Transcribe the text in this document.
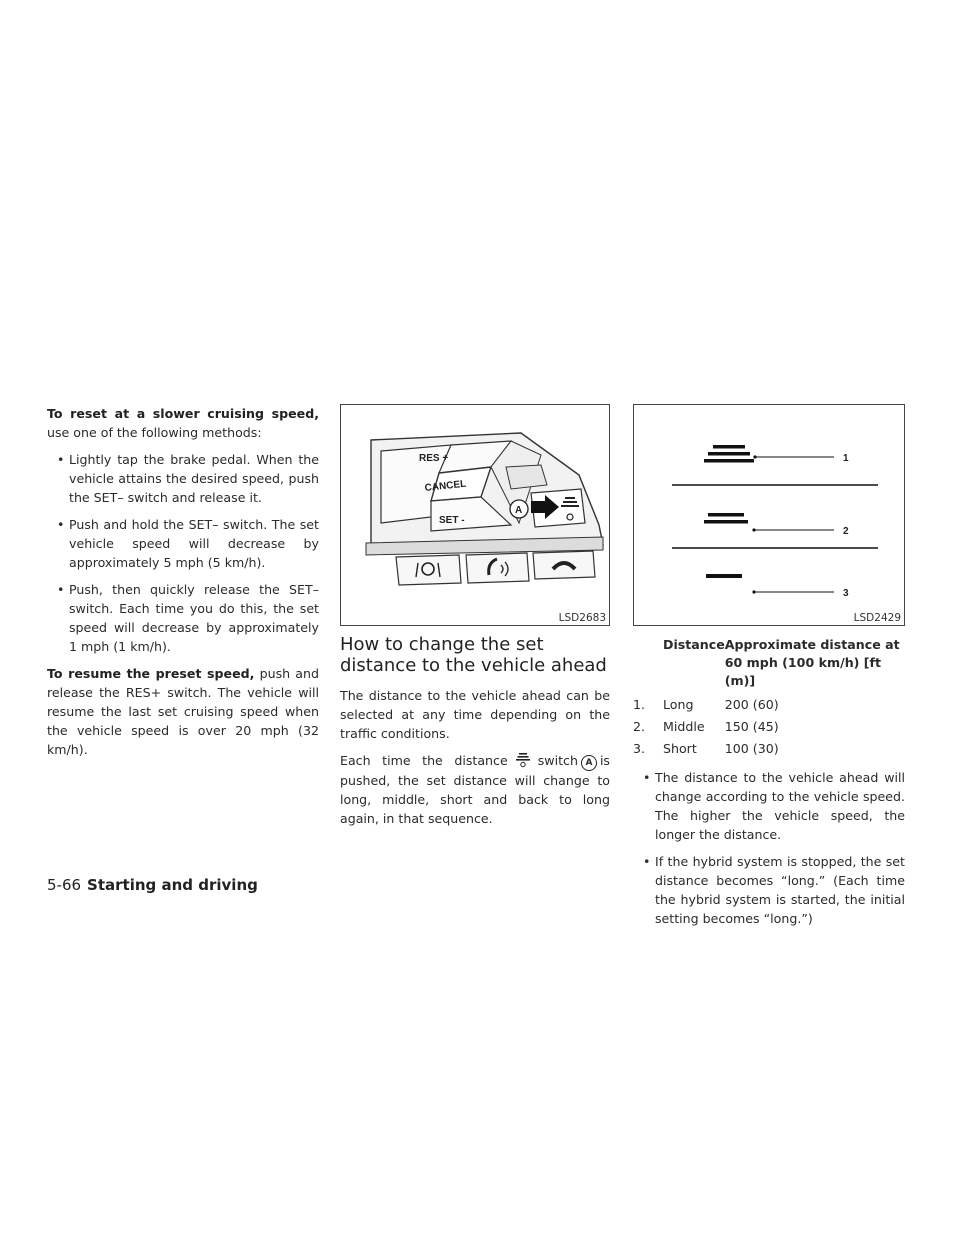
To reset at a slower cruising speed, use one of the following methods:

• Lightly tap the brake pedal. When the vehicle attains the desired speed, push the SET– switch and release it.
• Push and hold the SET– switch. The set vehicle speed will decrease by approximately 5 mph (5 km/h).
• Push, then quickly release the SET– switch. Each time you do this, the set speed will decrease by approximately 1 mph (1 km/h).

To resume the preset speed, push and release the RES+ switch. The vehicle will resume the last set cruising speed when the vehicle speed is over 20 mph (32 km/h).

RES +
CANCEL
SET -
A
LSD2683
How to change the set distance to the vehicle ahead

The distance to the vehicle ahead can be selected at any time depending on the traffic conditions.

Each time the distance switch A is pushed, the set distance will change to long, middle, short and back to long again, in that sequence.

1
2
3
LSD2429
	Distance	Approximate distance at 60 mph (100 km/h) [ft (m)]
1.	Long	200 (60)
2.	Middle	150 (45)
3.	Short	100 (30)
• The distance to the vehicle ahead will change according to the vehicle speed. The higher the vehicle speed, the longer the distance.
• If the hybrid system is stopped, the set distance becomes “long.” (Each time the hybrid system is started, the initial setting becomes “long.”)
5-66 Starting and driving
